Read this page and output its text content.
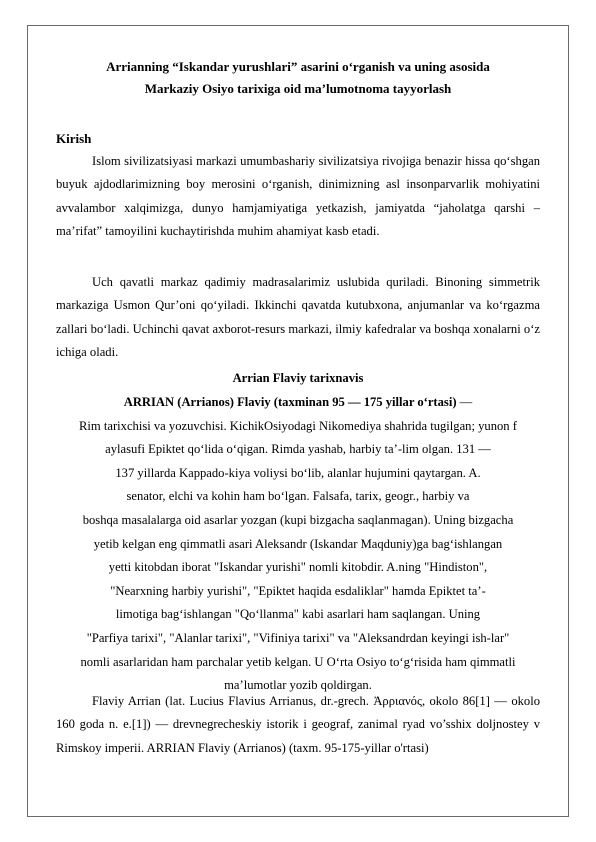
Arrianning “Iskandar yurushlari” asarini o‘rganish va uning asosida
Markaziy Osiyo tarixiga oid ma’lumotnoma tayyorlash
Kirish

Islom sivilizatsiyasi markazi umumbashariy sivilizatsiya rivojiga benazir hissa qo‘shgan buyuk ajdodlarimizning boy merosini o‘rganish, dinimizning asl insonparvarlik mohiyatini avvalambor xalqimizga, dunyo hamjamiyatiga yetkazish, jamiyatda “jaholatga qarshi – ma’rifat” tamoyilini kuchaytirishda muhim ahamiyat kasb etadi.

Uch qavatli markaz qadimiy madrasalarimiz uslubida quriladi. Binoning simmetrik markaziga Usmon Qur’oni qo‘yiladi. Ikkinchi qavatda kutubxona, anjumanlar va ko‘rgazma zallari bo‘ladi. Uchinchi qavat axborot-resurs markazi, ilmiy kafedralar va boshqa xonalarni o‘z ichiga oladi.

Arrian Flaviy tarixnavis
ARRIAN (Arrianos) Flaviy (taxminan 95 — 175 yillar o‘rtasi) —
Rim tarixchisi va yozuvchisi. KichikOsiyodagi Nikomediya shahrida tugilgan; yunon f
aylasufi Epiktet qo‘lida o‘qigan. Rimda yashab, harbiy ta’-lim olgan. 131 —
137 yillarda Kappado-kiya voliysi bo‘lib, alanlar hujumini qaytargan. A.
senator, elchi va kohin ham bo‘lgan. Falsafa, tarix, geogr., harbiy va
boshqa masalalarga oid asarlar yozgan (kupi bizgacha saqlanmagan). Uning bizgacha
yetib kelgan eng qimmatli asari Aleksandr (Iskandar Maqduniy)ga bag‘ishlangan
yetti kitobdan iborat "Iskandar yurishi" nomli kitobdir. A.ning "Hindiston",
"Nearxning harbiy yurishi", "Epiktet haqida esdaliklar" hamda Epiktet ta’-
limotiga bag‘ishlangan "Qo‘llanma" kabi asarlari ham saqlangan. Uning
"Parfiya tarixi", "Alanlar tarixi", "Vifiniya tarixi" va "Aleksandrdan keyingi ish-lar"
nomli asarlaridan ham parchalar yetib kelgan. U O‘rta Osiyo to‘g‘risida ham qimmatli
ma’lumotlar yozib qoldirgan.

Flaviy Arrian (lat. Lucius Flavius Arrianus, dr.-grech. Ἀρριανός, okolo 86[1] — okolo 160 goda n. e.[1]) — drevnegrecheskiy istorik i geograf, zanimal ryad vo’sshix doljnostey v Rimskoy imperii. ARRIAN Flaviy (Arrianos) (taxm. 95-175-yillar o'rtasi)
